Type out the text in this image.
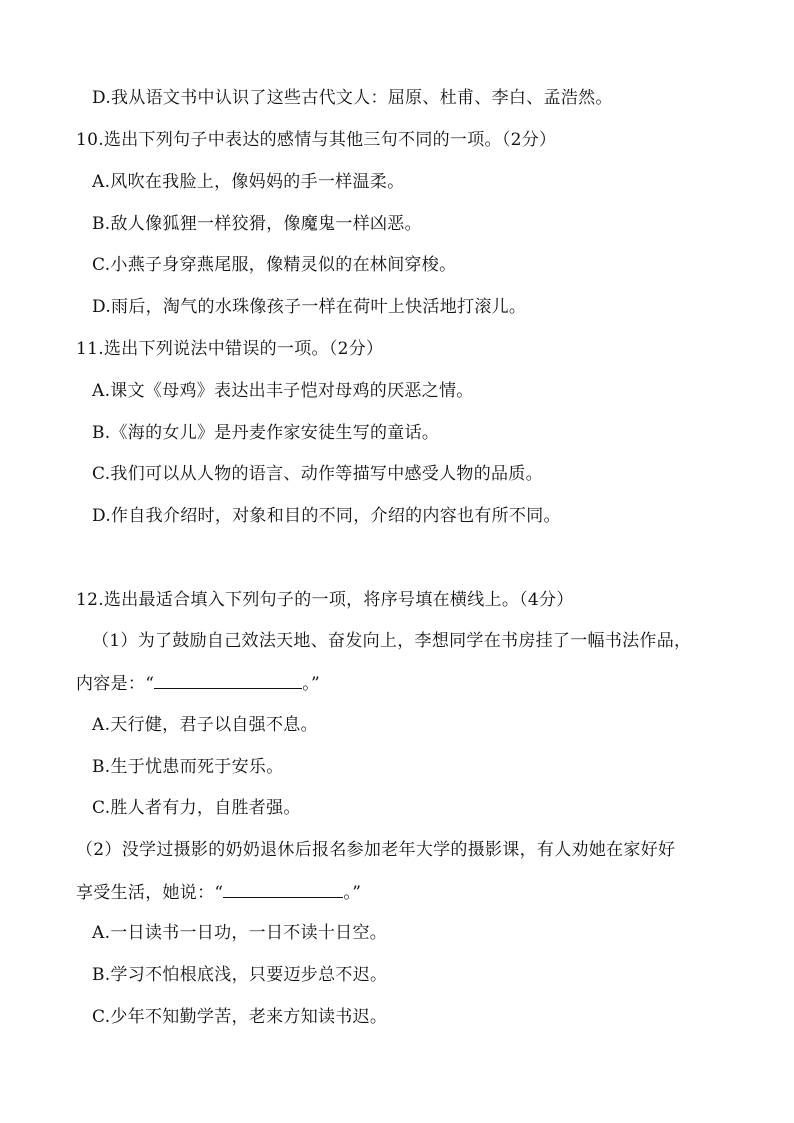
D.我从语文书中认识了这些古代文人：屈原、杜甫、李白、孟浩然。
10.选出下列句子中表达的感情与其他三句不同的一项。（2分）
A.风吹在我脸上，像妈妈的手一样温柔。
B.敌人像狐狸一样狡猾，像魔鬼一样凶恶。
C.小燕子身穿燕尾服，像精灵似的在林间穿梭。
D.雨后，淘气的水珠像孩子一样在荷叶上快活地打滚儿。
11.选出下列说法中错误的一项。（2分）
A.课文《母鸡》表达出丰子恺对母鸡的厌恶之情。
B.《海的女儿》是丹麦作家安徒生写的童话。
C.我们可以从人物的语言、动作等描写中感受人物的品质。
D.作自我介绍时，对象和目的不同，介绍的内容也有所不同。
12.选出最适合填入下列句子的一项，将序号填在横线上。（4分）
（1）为了鼓励自己效法天地、奋发向上，李想同学在书房挂了一幅书法作品，
内容是：“	。”
A.天行健，君子以自强不息。
B.生于忧患而死于安乐。
C.胜人者有力，自胜者强。
（2）没学过摄影的奶奶退休后报名参加老年大学的摄影课，有人劝她在家好好
享受生活，她说：“	。”
A.一日读书一日功，一日不读十日空。
B.学习不怕根底浅，只要迈步总不迟。
C.少年不知勤学苦，老来方知读书迟。
